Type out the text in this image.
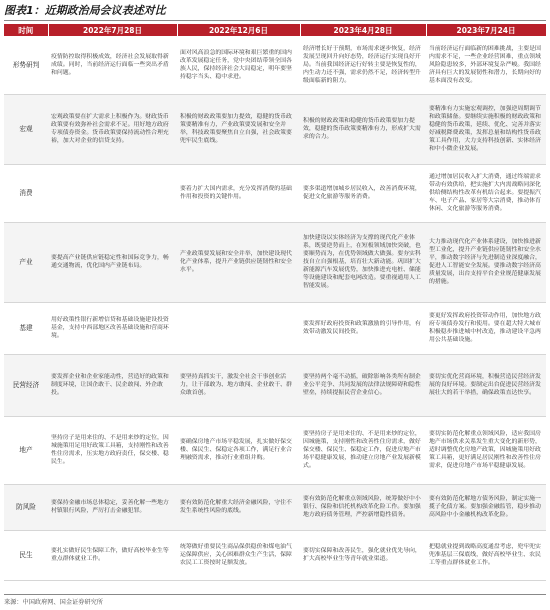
图表1：近期政治局会议表述对比
时间	2022年7月28日	2022年12月6日	2023年4月28日	2023年7月24日
形势研判	疫情防控取得积极成效，经济社会发展取得新成绩。同时，当前经济运行面临一些突出矛盾和问题。	面对风高浪急的国际环境和艰巨繁重的国内改革发展稳定任务，党中央团结带领全国各族人民，保持经济社会大局稳定，明年要坚持稳字当头、稳中求进。	经济增长好于预期，市场需求逐步恢复，经济发展呈现回升向好态势，经济运行实现良好开局。当前我国经济运行好转主要是恢复性的，内生动力还不强，需求仍然不足，经济转型升级面临新的阻力。	当前经济运行面临新的困难挑战，主要是国内需求不足，一些企业经营困难，重点领域风险隐患较多，外部环境复杂严峻。我国经济具有巨大的发展韧性和潜力，长期向好的基本面没有改变。
宏观	宏观政策要在扩大需求上积极作为。财政货币政策要有效弥补社会需求不足。用好地方政府专项债券资金。货币政策要保持流动性合理充裕，加大对企业的信贷支持。	积极的财政政策要加力提效，稳健的货币政策要精准有力，产业政策要发展和安全并举，科技政策要聚焦自立自强，社会政策要兜牢民生底线。	积极的财政政策和稳健的货币政策要加力提效，稳健的货币政策要精准有力，形成扩大需求的合力。	要精准有力实施宏观调控，加强逆周期调节和政策储备。要继续实施积极的财政政策和稳健的货币政策，延续、优化、完善并落实好减税降费政策，发挥总量和结构性货币政策工具作用，大力支持科技创新、实体经济和中小微企业发展。
消费		要着力扩大国内需求，充分发挥消费的基础作用和投资的关键作用。	要多渠道增加城乡居民收入，改善消费环境，促进文化旅游等服务消费。	通过增加居民收入扩大消费，通过终端需求带动有效供给，把实施扩大内需战略同深化供给侧结构性改革有机结合起来。要提振汽车、电子产品、家居等大宗消费，推动体育休闲、文化旅游等服务消费。
产业	要提高产业链供应链稳定性和国际竞争力，畅通交通物流，优化国内产业链布局。	产业政策要发展和安全并举，加快建设现代化产业体系，提升产业链供应链韧性和安全水平。	加快建设以实体经济为支撑的现代化产业体系，既要逆势而上，在短板领域加快突破，也要顺势而为，在优势领域做大做强。要夯实科技自立自强根基，培育壮大新动能。巩固扩大新能源汽车发展优势，加快推进充电桩、储能等设施建设和配套电网改造。要重视通用人工智能发展。	大力推动现代化产业体系建设，加快推进新型工业化，提升产业链供应链韧性和安全水平，推动数字经济与先进制造业深度融合，促进人工智能安全发展。要推动数字经济高质量发展，出台支持平台企业规范健康发展的措施。
基建	用好政策性银行新增信贷和基础设施建设投资基金，支持中西部地区改善基础设施和营商环境。		要发挥好政府投资和政策激励的引导作用，有效带动激发民间投资。	要更好发挥政府投资带动作用，加快地方政府专项债券发行和使用。要在超大特大城市积极稳步推进城中村改造，推动建设平急两用公共基础设施。
民营经济	要发挥企业和企业家能动性，营造好的政策和制度环境，让国企敢干、民企敢闯、外企敢投。	要坚持真抓实干，激发全社会干事创业活力，让干部敢为、地方敢闯、企业敢干、群众敢首创。	要坚持两个毫不动摇，破除影响各类所有制企业公平竞争、共同发展的法律法规障碍和隐性壁垒，持续提振民营企业信心。	要切实优化营商环境，积极营造民营经济发展的良好环境。要制定出台促进民营经济发展壮大的若干举措，确保政策直达快享。
地产	坚持房子是用来住的、不是用来炒的定位，因城施策用足用好政策工具箱，支持刚性和改善性住房需求，压实地方政府责任，保交楼、稳民生。	要确保房地产市场平稳发展，扎实做好保交楼、保民生、保稳定各项工作，满足行业合理融资需求，推动行业重组并购。	要坚持房子是用来住的、不是用来炒的定位，因城施策，支持刚性和改善性住房需求，做好保交楼、保民生、保稳定工作，促进房地产市场平稳健康发展，推动建立房地产业发展新模式。	要切实防范化解重点领域风险，适应我国房地产市场供求关系发生重大变化的新形势，适时调整优化房地产政策，因城施策用好政策工具箱，更好满足居民刚性和改善性住房需求，促进房地产市场平稳健康发展。
防风险	要保持金融市场总体稳定，妥善化解一些地方村镇银行风险，严厉打击金融犯罪。	要有效防范化解重大经济金融风险，守住不发生系统性风险的底线。	要有效防范化解重点领域风险，统筹做好中小银行、保险和信托机构改革化险工作。要加强地方政府债务管理，严控新增隐性债务。	要有效防范化解地方债务风险，制定实施一揽子化债方案。要加强金融监管，稳步推动高风险中小金融机构改革化险。
民生	要扎实做好民生保障工作，做好高校毕业生等重点群体就业工作。	统筹做好重要民生商品保供稳价和煤电油气运保障供应，关心困难群众生产生活，保障农民工工资按时足额发放。	要切实保障和改善民生，强化就业优先导向，扩大高校毕业生等青年就业渠道。	把稳就业提到战略高度通盘考虑，兜牢兜实兜准基层三保底线，做好高校毕业生、农民工等重点群体就业工作。
来源：中国政府网、国金证券研究所
